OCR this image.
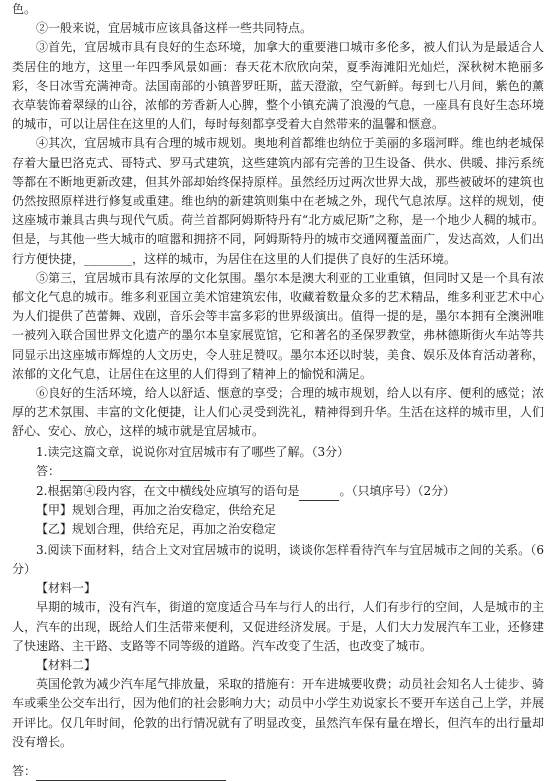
色。

②一般来说，宜居城市应该具备这样一些共同特点。

③首先，宜居城市具有良好的生态环境，加拿大的重要港口城市多伦多，被人们认为是最适合人类居住的地方，这里一年四季风景如画：春天花木欣欣向荣，夏季海滩阳光灿烂，深秋树木艳丽多彩，冬日冰雪充满神奇。法国南部的小镇普罗旺斯，蓝天澄澈，空气新鲜。每到七八月间，紫色的薰衣草装饰着翠绿的山谷，浓郁的芳香新人心脾，整个小镇充满了浪漫的气息，一座具有良好生态环境的城市，可以让居住在这里的人们，每时每刻都享受着大自然带来的温馨和惬意。

④其次，宜居城市具有合理的城市规划。奥地利首都维也纳位于美丽的多瑙河畔。维也纳老城保存着大量巴洛克式、哥特式、罗马式建筑，这些建筑内部有完善的卫生设备、供水、供暖、排污系统等都在不断地更新改建，但其外部却始终保持原样。虽然经历过两次世界大战，那些被破坏的建筑也仍然按照原样进行修复或重建。维也纳的新建筑则集中在老城之外，现代气息浓厚。这样的规划，使这座城市兼具古典与现代气质。荷兰首都阿姆斯特丹有“北方威尼斯”之称，是一个地少人稠的城市。但是，与其他一些大城市的喧嚣和拥挤不同，阿姆斯特丹的城市交通网覆盖面广，发达高效，人们出行方便快捷，________，这样的城市，为居住在这里的人们提供了良好的生活环境。

⑤第三，宜居城市具有浓厚的文化氛围。墨尔本是澳大利亚的工业重镇，但同时又是一个具有浓郁文化气息的城市。维多利亚国立美术馆建筑宏伟，收藏着数量众多的艺术精品，维多利亚艺术中心为人们提供了芭蕾舞、戏剧，音乐会等丰富多彩的世界级演出。值得一提的是，墨尔本拥有全澳洲唯一被列入联合国世界文化遗产的墨尔本皇家展览馆，它和著名的圣保罗教堂，弗林德斯街火车站等共同显示出这座城市辉煌的人文历史，令人驻足赞叹。墨尔本还以时装，美食、娱乐及体育活动著称，浓郁的文化气息，让居住在这里的人们得到了精神上的愉悦和满足。

⑥良好的生活环境，给人以舒适、惬意的享受；合理的城市规划，给人以有序、便利的感觉；浓厚的艺术氛围、丰富的文化便捷，让人们心灵受到洗礼，精神得到升华。生活在这样的城市里，人们舒心、安心、放心，这样的城市就是宜居城市。

1.读完这篇文章，说说你对宜居城市有了哪些了解。（3分）

答：

2.根据第④段内容，在文中横线处应填写的语句是	。（只填序号）（2分）

【甲】规划合理，再加之治安稳定，供给充足

【乙】规划合理，供给充足，再加之治安稳定

3.阅读下面材料，结合上文对宜居城市的说明，谈谈你怎样看待汽车与宜居城市之间的关系。（6分）

【材料一】

早期的城市，没有汽车，街道的宽度适合马车与行人的出行，人们有步行的空间，人是城市的主人，汽车的出现，既给人们生活带来便利，又促进经济发展。于是，人们大力发展汽车工业，还修建了快速路、主干路、支路等不同等级的道路。汽车改变了生活，也改变了城市。

【材料二】

英国伦敦为减少汽车尾气排放量，采取的措施有：开车进城要收费；动员社会知名人士徒步、骑车或乘坐公交车出行，因为他们的社会影响力大；动员中小学生劝说家长不要开车送自己上学，并展开评比。仅几年时间，伦敦的出行情况就有了明显改变，虽然汽车保有量在增长，但汽车的出行量却没有增长。

答：
